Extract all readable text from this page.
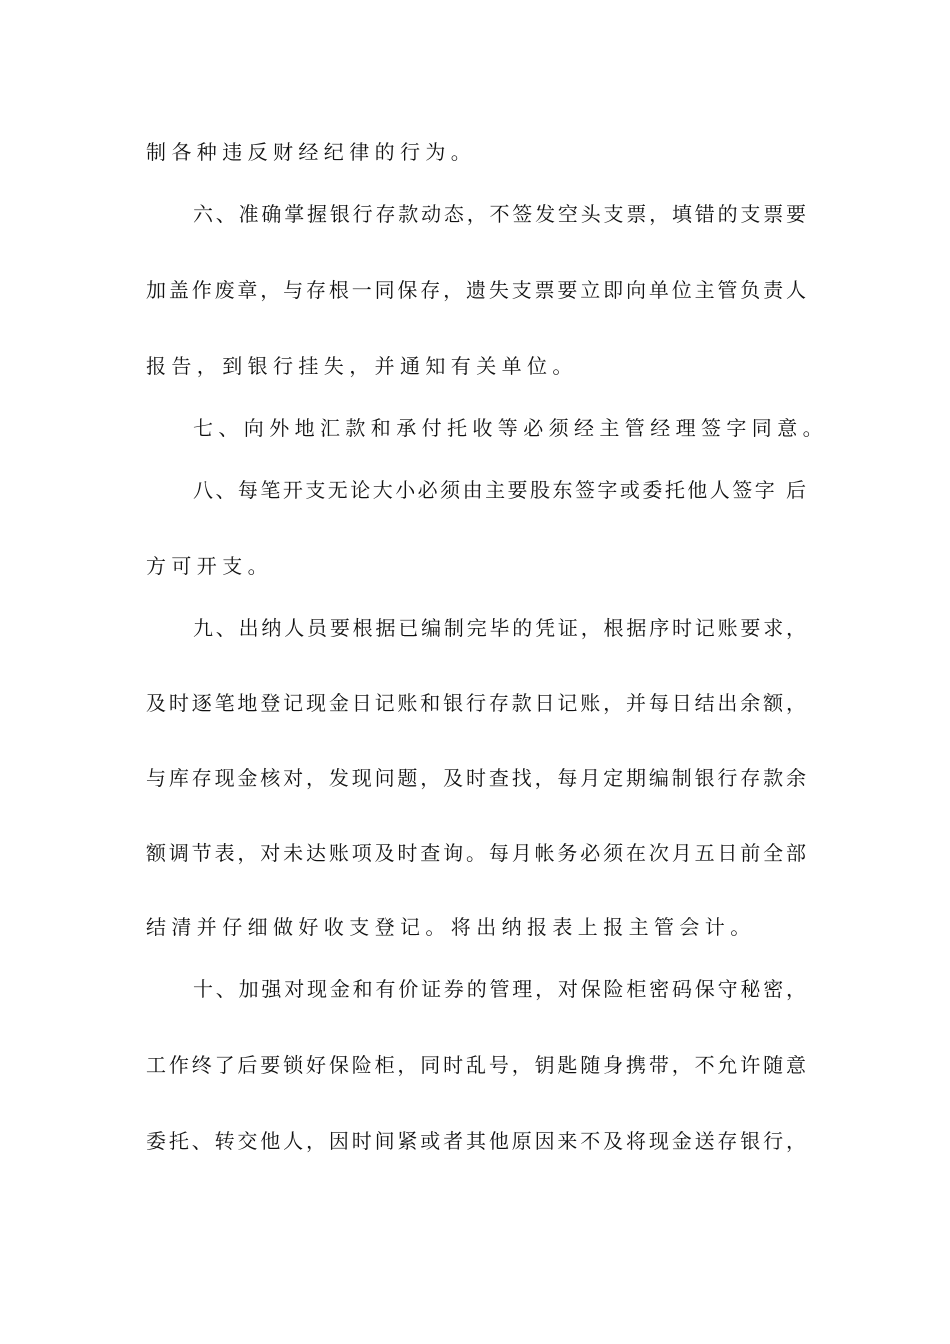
制各种违反财经纪律的行为。
六、准确掌握银行存款动态，不签发空头支票，填错的支票要
加盖作废章，与存根一同保存，遗失支票要立即向单位主管负责人
报告，到银行挂失，并通知有关单位。
七、向外地汇款和承付托收等必须经主管经理签字同意。
八、每笔开支无论大小必须由主要股东签字或委托他人签字 后
方可开支。
九、出纳人员要根据已编制完毕的凭证，根据序时记账要求，
及时逐笔地登记现金日记账和银行存款日记账，并每日结出余额，
与库存现金核对，发现问题，及时查找，每月定期编制银行存款余
额调节表，对未达账项及时查询。每月帐务必须在次月五日前全部
结清并仔细做好收支登记。将出纳报表上报主管会计。
十、加强对现金和有价证券的管理，对保险柜密码保守秘密，
工作终了后要锁好保险柜，同时乱号，钥匙随身携带，不允许随意
委托、转交他人，因时间紧或者其他原因来不及将现金送存银行，
